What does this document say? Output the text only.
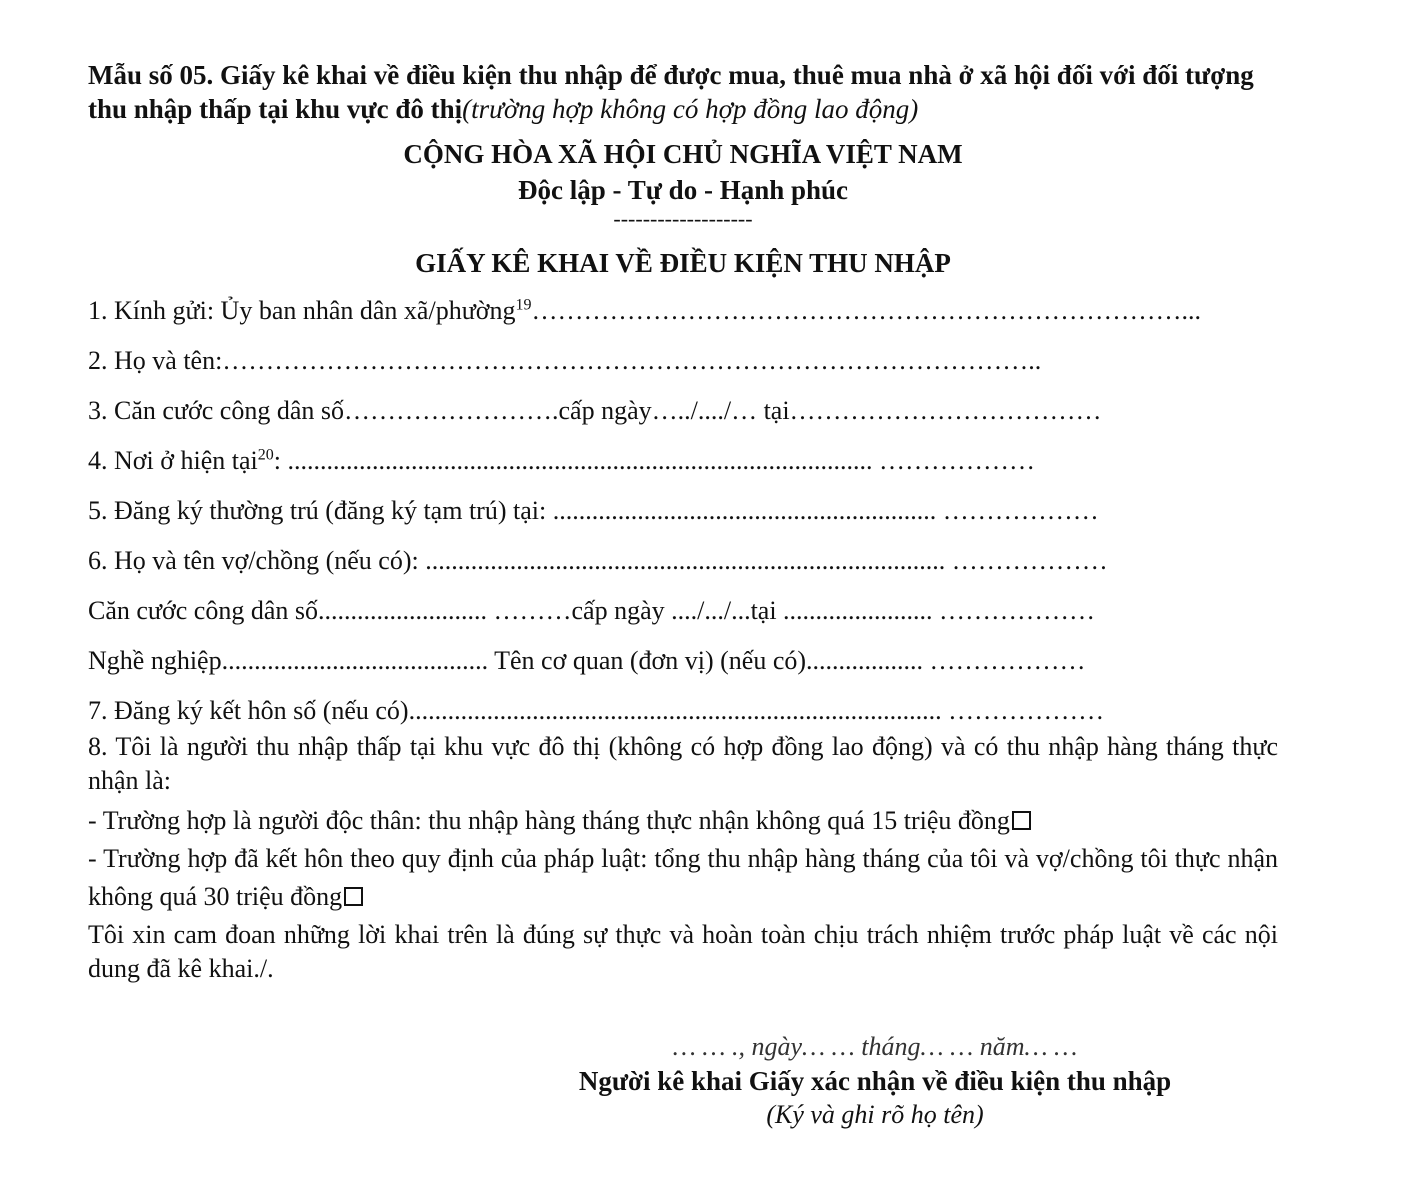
Mẫu số 05. Giấy kê khai về điều kiện thu nhập để được mua, thuê mua nhà ở xã hội đối với đối tượng thu nhập thấp tại khu vực đô thị(trường hợp không có hợp đồng lao động)

CỘNG HÒA XÃ HỘI CHỦ NGHĨA VIỆT NAM
Độc lập - Tự do - Hạnh phúc
-------------------
GIẤY KÊ KHAI VỀ ĐIỀU KIỆN THU NHẬP
1. Kính gửi: Ủy ban nhân dân xã/phường$^{19}$…………………………………………………………………...
2. Họ và tên:…………………………………………………………………………………..
3. Căn cước công dân số…………………….cấp ngày…../..../… tại………………………………
4. Nơi ở hiện tại$^{20}$: .......................................................................................... ………………
5. Đăng ký thường trú (đăng ký tạm trú) tại: ........................................................... ………………
6. Họ và tên vợ/chồng (nếu có): ................................................................................ ………………
Căn cước công dân số.......................... ………cấp ngày ..../.../...tại ....................... ………………
Nghề nghiệp......................................... Tên cơ quan (đơn vị) (nếu có).................. ………………
7. Đăng ký kết hôn số (nếu có).................................................................................. ………………
8. Tôi là người thu nhập thấp tại khu vực đô thị (không có hợp đồng lao động) và có thu nhập hàng tháng thực nhận là:
- Trường hợp là người độc thân: thu nhập hàng tháng thực nhận không quá 15 triệu đồng
- Trường hợp đã kết hôn theo quy định của pháp luật: tổng thu nhập hàng tháng của tôi và vợ/chồng tôi thực nhận không quá 30 triệu đồng
Tôi xin cam đoan những lời khai trên là đúng sự thực và hoàn toàn chịu trách nhiệm trước pháp luật về các nội dung đã kê khai./.
… … ., ngày… … tháng… … năm… …
Người kê khai Giấy xác nhận về điều kiện thu nhập
(Ký và ghi rõ họ tên)
